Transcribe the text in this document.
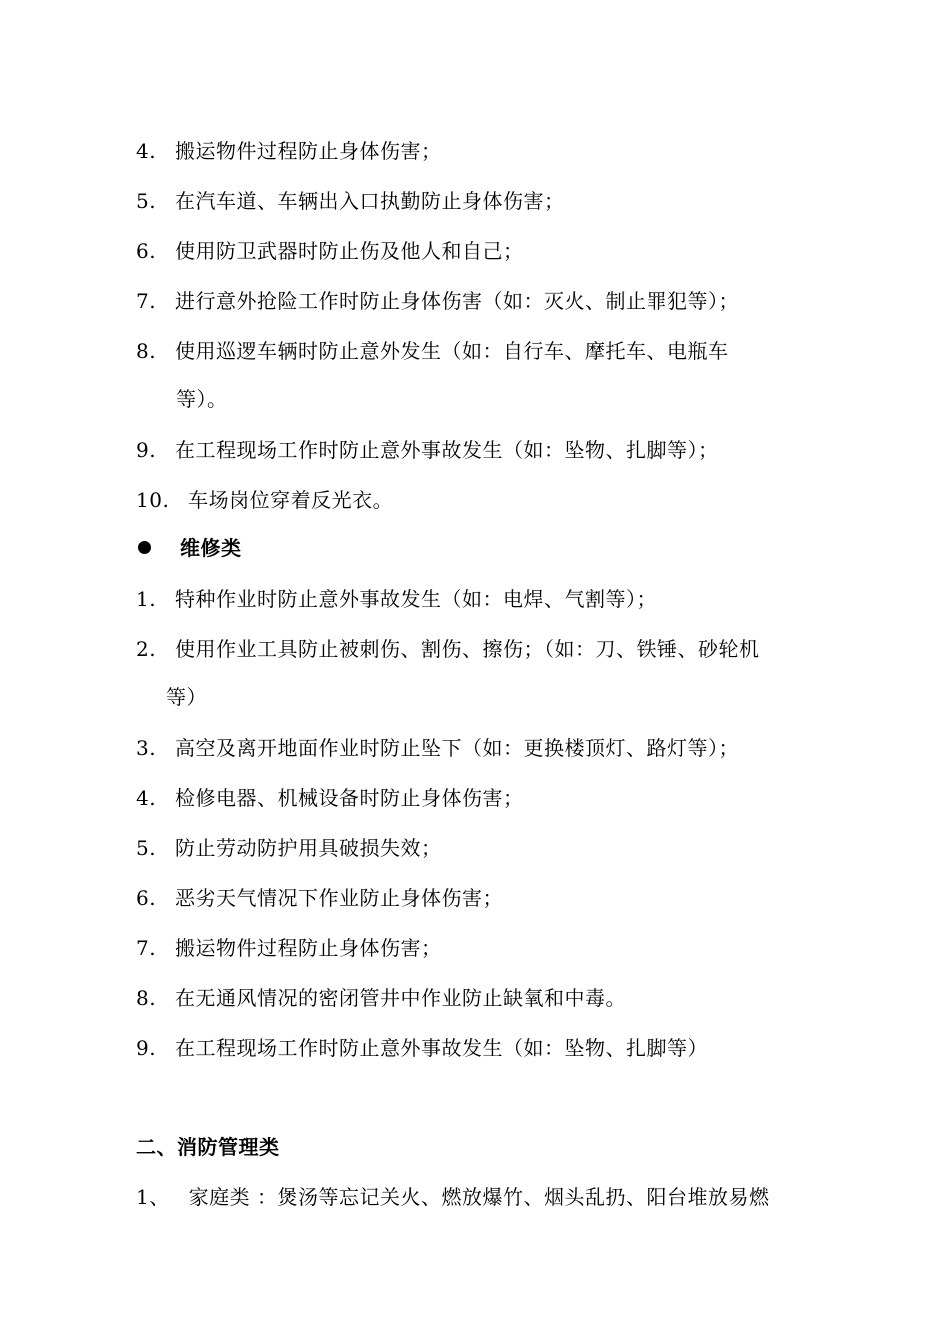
4. 搬运物件过程防止身体伤害；
5. 在汽车道、车辆出入口执勤防止身体伤害；
6. 使用防卫武器时防止伤及他人和自己；
7. 进行意外抢险工作时防止身体伤害（如：灭火、制止罪犯等）；
8. 使用巡逻车辆时防止意外发生（如：自行车、摩托车、电瓶车
等）。
9. 在工程现场工作时防止意外事故发生（如：坠物、扎脚等）；
10. 车场岗位穿着反光衣。
维修类
1. 特种作业时防止意外事故发生（如：电焊、气割等）；
2. 使用作业工具防止被刺伤、割伤、擦伤；（如：刀、铁锤、砂轮机
等）
3. 高空及离开地面作业时防止坠下（如：更换楼顶灯、路灯等）；
4. 检修电器、机械设备时防止身体伤害；
5. 防止劳动防护用具破损失效；
6. 恶劣天气情况下作业防止身体伤害；
7. 搬运物件过程防止身体伤害；
8. 在无通风情况的密闭管井中作业防止缺氧和中毒。
9. 在工程现场工作时防止意外事故发生（如：坠物、扎脚等）
二、消防管理类
1、 家庭类 ：煲汤等忘记关火、燃放爆竹、烟头乱扔、阳台堆放易燃
